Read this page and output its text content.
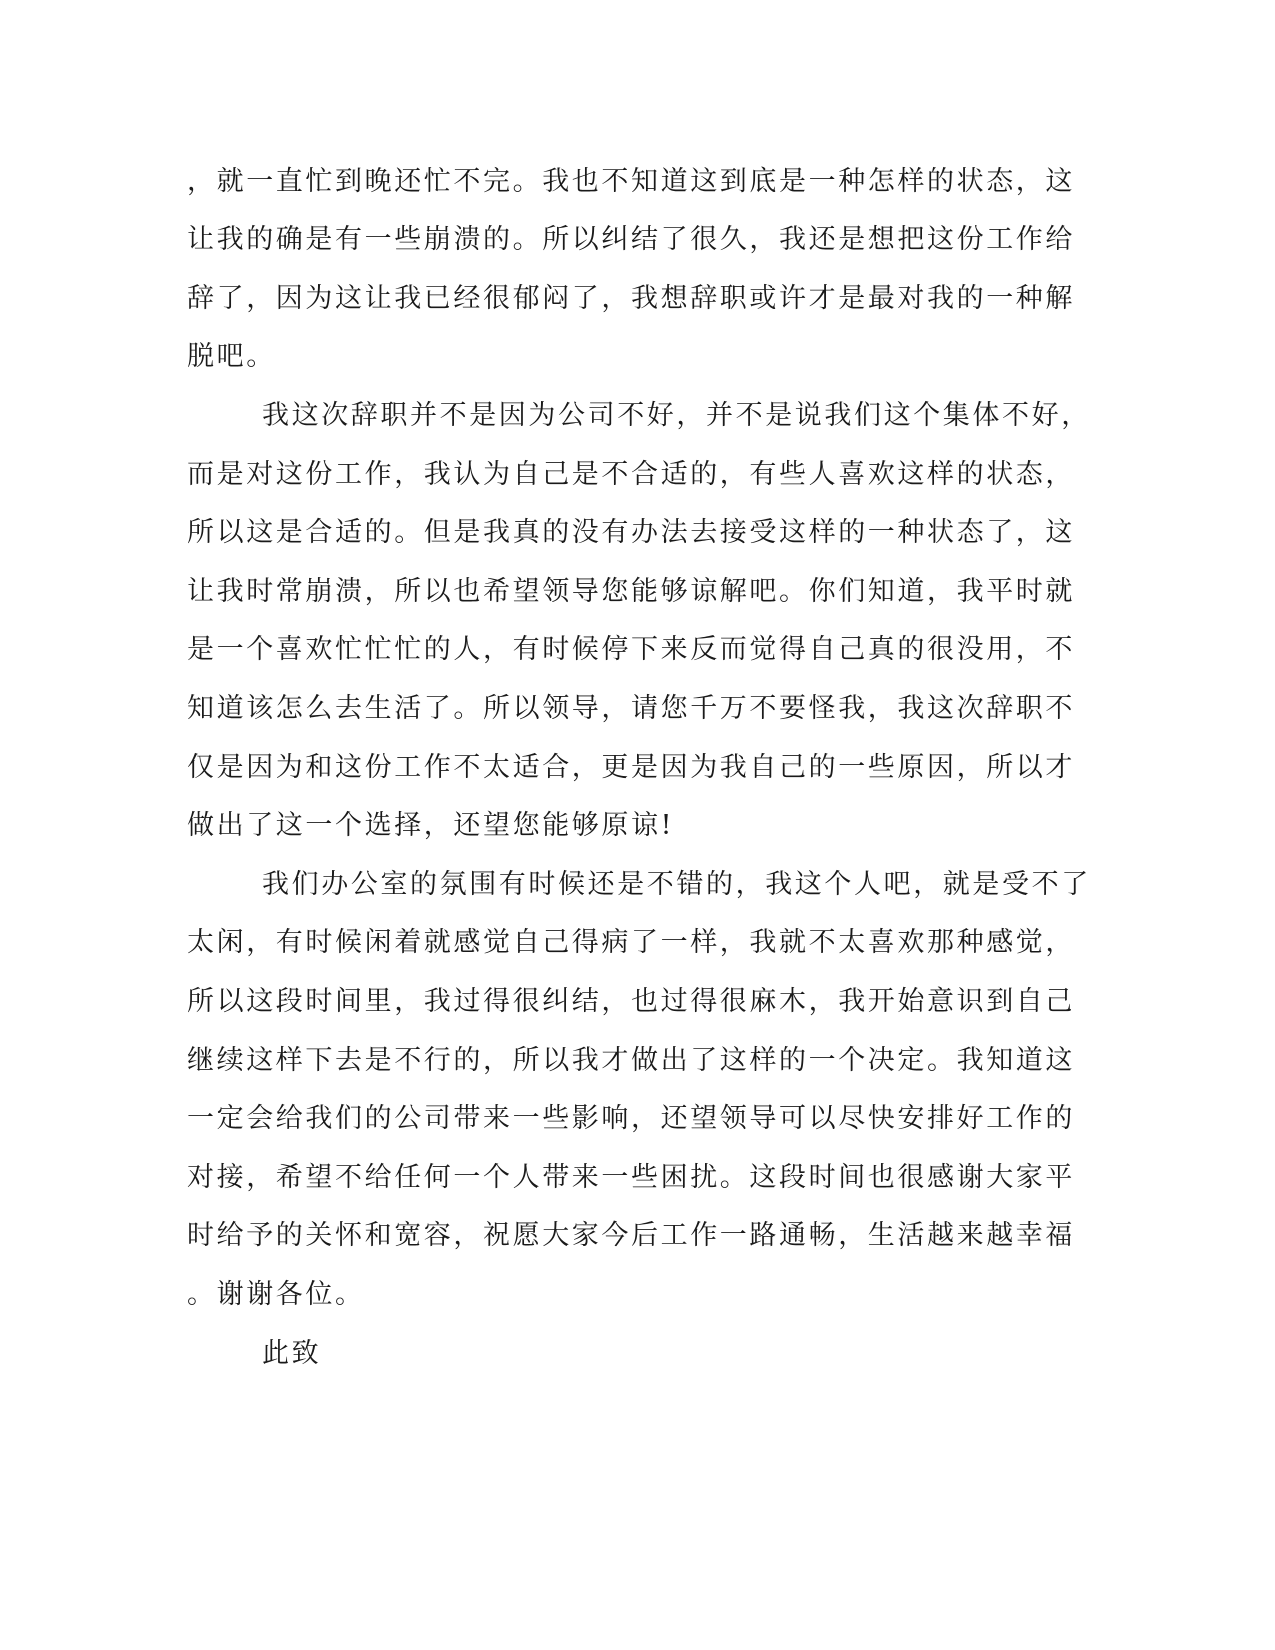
，就一直忙到晚还忙不完。我也不知道这到底是一种怎样的状态，这
让我的确是有一些崩溃的。所以纠结了很久，我还是想把这份工作给
辞了，因为这让我已经很郁闷了，我想辞职或许才是最对我的一种解
脱吧。
我这次辞职并不是因为公司不好，并不是说我们这个集体不好，
而是对这份工作，我认为自己是不合适的，有些人喜欢这样的状态，
所以这是合适的。但是我真的没有办法去接受这样的一种状态了，这
让我时常崩溃，所以也希望领导您能够谅解吧。你们知道，我平时就
是一个喜欢忙忙忙的人，有时候停下来反而觉得自己真的很没用，不
知道该怎么去生活了。所以领导，请您千万不要怪我，我这次辞职不
仅是因为和这份工作不太适合，更是因为我自己的一些原因，所以才
做出了这一个选择，还望您能够原谅!
我们办公室的氛围有时候还是不错的，我这个人吧，就是受不了
太闲，有时候闲着就感觉自己得病了一样，我就不太喜欢那种感觉，
所以这段时间里，我过得很纠结，也过得很麻木，我开始意识到自己
继续这样下去是不行的，所以我才做出了这样的一个决定。我知道这
一定会给我们的公司带来一些影响，还望领导可以尽快安排好工作的
对接，希望不给任何一个人带来一些困扰。这段时间也很感谢大家平
时给予的关怀和宽容，祝愿大家今后工作一路通畅，生活越来越幸福
。谢谢各位。
此致
